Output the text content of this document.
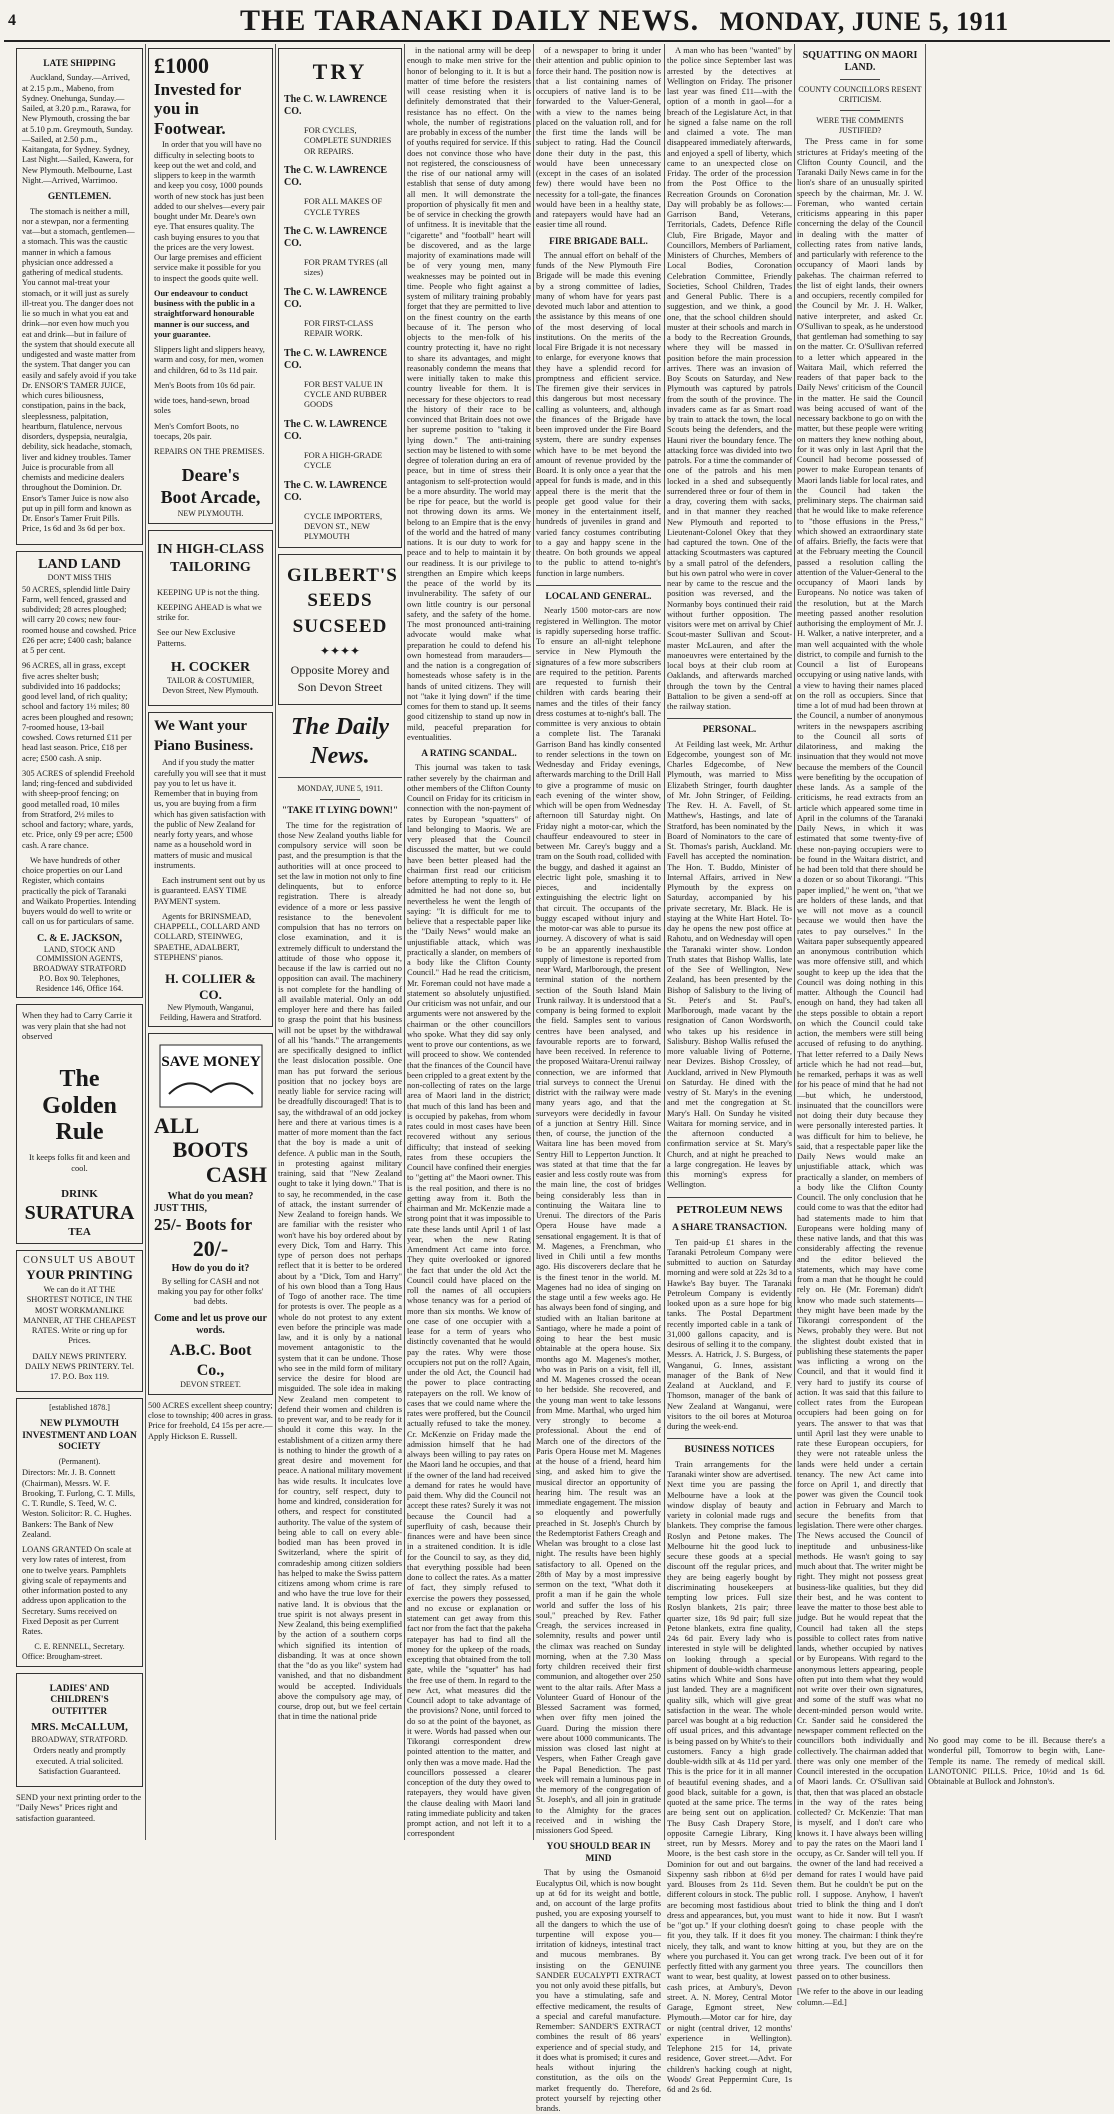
4	THE TARANAKI DAILY NEWS. MONDAY, JUNE 5, 1911
LATE SHIPPING

Auckland, Sunday.—Arrived, at 2.15 p.m., Mabeno, from Sydney. Onehunga, Sunday.—Sailed, at 3.20 p.m., Rarawa, for New Plymouth, crossing the bar at 5.10 p.m. Greymouth, Sunday.—Sailed, at 2.50 p.m., Kaitangata, for Sydney. Sydney, Last Night.—Sailed, Kawera, for New Plymouth. Melbourne, Last Night.—Arrived, Warrimoo.

GENTLEMEN.

The stomach is neither a mill, nor a stewpan, nor a fermenting vat—but a stomach, gentlemen—a stomach. This was the caustic manner in which a famous physician once addressed a gathering of medical students. You cannot mal-treat your stomach, or it will just as surely ill-treat you. The danger does not lie so much in what you eat and drink—nor even how much you eat and drink—but in failure of the system that should execute all undigested and waste matter from the system. That danger you can easily and safely avoid if you take Dr. ENSOR'S TAMER JUICE, which cures biliousness, constipation, pains in the back, sleeplessness, palpitation, heartburn, flatulence, nervous disorders, dyspepsia, neuralgia, debility, sick headache, stomach, liver and kidney troubles. Tamer Juice is procurable from all chemists and medicine dealers throughout the Dominion. Dr. Ensor's Tamer Juice is now also put up in pill form and known as Dr. Ensor's Tamer Fruit Pills. Price, 1s 6d and 3s 6d per box.

LAND LAND
DON'T MISS THIS

50 ACRES, splendid little Dairy Farm, well fenced, grassed and subdivided; 28 acres ploughed; will carry 20 cows; new four-roomed house and cowshed. Price £26 per acre; £400 cash; balance at 5 per cent.

96 ACRES, all in grass, except five acres shelter bush; subdivided into 16 paddocks; good level land, of rich quality; school and factory 1½ miles; 80 acres been ploughed and resown; 7-roomed house, 13-bail cowshed. Cows returned £11 per head last season. Price, £18 per acre; £500 cash. A snip.

305 ACRES of splendid Freehold land; ring-fenced and subdivided with sheep-proof fencing; on good metalled road, 10 miles from Stratford, 2½ miles to school and factory; whare, yards, etc. Price, only £9 per acre; £500 cash. A rare chance.

We have hundreds of other choice properties on our Land Register, which contains practically the pick of Taranaki and Waikato Properties. Intending buyers would do well to write or call on us for particulars of same.

C. & E. JACKSON,
LAND, STOCK AND COMMISSION AGENTS,
BROADWAY STRATFORD
P.O. Box 90. Telephones, Residence 146, Office 164.

When they had to Carry Carrie it was very plain that she had not observed

The Golden Rule

It keeps folks fit and keen and cool.

DRINK
SURATURA
TEA
CONSULT US ABOUT
YOUR PRINTING

We can do it AT THE SHORTEST NOTICE, IN THE MOST WORKMANLIKE MANNER, AT THE CHEAPEST RATES. Write or ring up for Prices.

DAILY NEWS PRINTERY. DAILY NEWS PRINTERY. Tel. 17. P.O. Box 119.

[established 1878.]
NEW PLYMOUTH INVESTMENT AND LOAN SOCIETY
(Permanent).

Directors: Mr. J. B. Connett (Chairman), Messrs. W. F. Brooking, T. Furlong, C. T. Mills, C. T. Rundle, S. Teed, W. C. Weston. Solicitor: R. C. Hughes. Bankers: The Bank of New Zealand.

LOANS GRANTED On scale at very low rates of interest, from one to twelve years. Pamphlets giving scale of repayments and other information posted to any address upon application to the Secretary. Sums received on Fixed Deposit as per Current Rates.

C. E. RENNELL, Secretary.
Office: Brougham-street.
LADIES' AND CHILDREN'S OUTFITTER
MRS. McCALLUM,
BROADWAY, STRATFORD.

Orders neatly and promptly executed. A trial solicited. Satisfaction Guaranteed.

SEND your next printing order to the "Daily News" Prices right and satisfaction guaranteed.

£1000
Invested for you in Footwear.

In order that you will have no difficulty in selecting boots to keep out the wet and cold, and slippers to keep in the warmth and keep you cosy, 1000 pounds worth of new stock has just been added to our shelves—every pair bought under Mr. Deare's own eye. That ensures quality. The cash buying ensures to you that the prices are the very lowest. Our large premises and efficient service make it possible for you to inspect the goods quite well.

Our endeavour to conduct business with the public in a straightforward honourable manner is our success, and your guarantee.

Slippers light and slippers heavy, warm and cosy, for men, women and children, 6d to 3s 11d pair.

Men's Boots from 10s 6d pair.

wide toes, hand-sewn, broad soles

Men's Comfort Boots, no toecaps, 20s pair.

REPAIRS ON THE PREMISES.

Deare's
Boot Arcade,
NEW PLYMOUTH.
IN HIGH-CLASS TAILORING

KEEPING UP is not the thing.

KEEPING AHEAD is what we strike for.

See our New Exclusive Patterns.

H. COCKER
TAILOR & COSTUMIER,
Devon Street, New Plymouth.
We Want your Piano Business.

And if you study the matter carefully you will see that it must pay you to let us have it. Remember that in buying from us, you are buying from a firm which has given satisfaction with the public of New Zealand for nearly forty years, and whose name as a household word in matters of music and musical instruments.

Each instrument sent out by us is guaranteed. EASY TIME PAYMENT system.

Agents for BRINSMEAD, CHAPPELL, COLLARD AND COLLARD, STEINWEG, SPAETHE, ADALBERT, STEPHENS' pianos.

H. COLLIER & CO.
New Plymouth, Wanganui, Feilding, Hawera and Stratford.
SAVE MONEY
ALL
BOOTS
CASH
What do you mean?
JUST THIS,
25/- Boots for
20/-
How do you do it?

By selling for CASH and not making you pay for other folks' bad debts.

Come and let us prove our words.
A.B.C. Boot Co.,
DEVON STREET.

500 ACRES excellent sheep country; close to township; 400 acres in grass. Price for freehold, £4 15s per acre.—Apply Hickson E. Russell.

TRY
The C. W. LAWRENCE CO.
FOR CYCLES, COMPLETE SUNDRIES OR REPAIRS.
The C. W. LAWRENCE CO.
FOR ALL MAKES OF CYCLE TYRES
The C. W. LAWRENCE CO.
FOR PRAM TYRES (all sizes)
The C. W. LAWRENCE CO.
FOR FIRST-CLASS REPAIR WORK.
The C. W. LAWRENCE CO.
FOR BEST VALUE IN CYCLE AND RUBBER GOODS
The C. W. LAWRENCE CO.
FOR A HIGH-GRADE CYCLE
The C. W. LAWRENCE CO.
CYCLE IMPORTERS, DEVON ST., NEW PLYMOUTH
GILBERT'S SEEDS SUCSEED
✦✦✦✦
Opposite Morey and Son Devon Street
The Daily News.
MONDAY, JUNE 5, 1911.
"TAKE IT LYING DOWN!"

The time for the registration of those New Zealand youths liable for compulsory service will soon be past, and the presumption is that the authorities will at once proceed to set the law in motion not only to fine delinquents, but to enforce registration. There is already evidence of a more or less passive resistance to the benevolent compulsion that has no terrors on close examination, and it is extremely difficult to understand the attitude of those who oppose it, because if the law is carried out no opposition can avail. The machinery is not complete for the handling of all available material. Only an odd employer here and there has failed to grasp the point that his business will not be upset by the withdrawal of all his "hands." The arrangements are specifically designed to inflict the least dislocation possible. One man has put forward the serious position that no jockey boys are neatly liable for service racing will be dreadfully discouraged! That is to say, the withdrawal of an odd jockey here and there at various times is a matter of more moment than the fact that the boy is made a unit of defence. A public man in the South, in protesting against military training, said that "New Zealand ought to take it lying down." That is to say, he recommended, in the case of attack, the instant surrender of New Zealand to foreign hands. We are familiar with the resister who won't have his boy ordered about by every Dick, Tom and Harry. This type of person does not perhaps reflect that it is better to be ordered about by a "Dick, Tom and Harry" of his own blood than a Tong Haus of Togo of another race. The time for protests is over. The people as a whole do not protest to any extent even before the principle was made law, and it is only by a national movement antagonistic to the system that it can be undone. Those who see in the mild form of military service the desire for blood are misguided. The sole idea in making New Zealand men competent to defend their women and children is to prevent war, and to be ready for it should it come this way. In the establishment of a citizen army there is nothing to hinder the growth of a great desire and movement for peace. A national military movement has wide results. It inculcates love for country, self respect, duty to home and kindred, consideration for others, and respect for constituted authority. The value of the system of being able to call on every able-bodied man has been proved in Switzerland, where the spirit of comradeship among citizen soldiers has helped to make the Swiss pattern citizens among whom crime is rare and who have the true love for their native land. It is obvious that the true spirit is not always present in New Zealand, this being exemplified by the action of a southern corps which signified its intention of disbanding. It was at once shown that the "do as you like" system had vanished, and that no disbandment would be accepted. Individuals above the compulsory age may, of course, drop out, but we feel certain that in time the national pride

in the national army will be deep enough to make men strive for the honor of belonging to it. It is but a matter of time before the resisters will cease resisting when it is definitely demonstrated that their resistance has no effect. On the whole, the number of registrations are probably in excess of the number of youths required for service. If this does not convince those who have not registered, the consciousness of the rise of our national army will establish that sense of duty among all men. It will demonstrate the proportion of physically fit men and be of service in checking the growth of unfitness. It is inevitable that the "cigarette" and "football" heart will be discovered, and as the large majority of examinations made will be of very young men, many weaknesses may be pointed out in time. People who fight against a system of military training probably forget that they are permitted to live on the finest country on the earth because of it. The person who objects to the men-folk of his country protecting it, have no right to share its advantages, and might reasonably condemn the means that were initially taken to make this country liveable for them. It is necessary for these objectors to read the history of their race to be convinced that Britain does not owe her supreme position to "taking it lying down." The anti-training section may be listened to with some degree of toleration during an era of peace, but in time of stress their antagonism to self-protection would be a more absurdity. The world may be ripe for peace, but the world is not throwing down its arms. We belong to an Empire that is the envy of the world and the hatred of many nations. It is our duty to work for peace and to help to maintain it by our readiness. It is our privilege to strengthen an Empire which keeps the peace of the world by its invulnerability. The safety of our own little country is our personal safety, and the safety of the home. The most pronounced anti-training advocate would make what preparation he could to defend his own homestead from marauders—and the nation is a congregation of homesteads whose safety is in the hands of united citizens. They will not "take it lying down" if the time comes for them to stand up. It seems good citizenship to stand up now in mild, peaceful preparation for eventualities.

A RATING SCANDAL.

This journal was taken to task rather severely by the chairman and other members of the Clifton County Council on Friday for its criticism in connection with the non-payment of rates by European "squatters" of land belonging to Maoris. We are very pleased that the Council discussed the matter, but we could have been better pleased had the chairman first read our criticism before attempting to reply to it. He admitted he had not done so, but nevertheless he went the length of saying: "It is difficult for me to believe that a respectable paper like the "Daily News" would make an unjustifiable attack, which was practically a slander, on members of a body like the Clifton County Council." Had he read the criticism, Mr. Foreman could not have made a statement so absolutely unjustified. Our criticism was not unfair, and our arguments were not answered by the chairman or the other councillors who spoke. What they did say only went to prove our contentions, as we will proceed to show. We contended that the finances of the Council have been crippled to a great extent by the non-collecting of rates on the large area of Maori land in the district; that much of this land has been and is occupied by pakehas, from whom rates could in most cases have been recovered without any serious difficulty; that instead of seeking rates from these occupiers the Council have confined their energies to "getting at" the Maori owner. This is the real position, and there is no getting away from it. Both the chairman and Mr. McKenzie made a strong point that it was impossible to rate these lands until April 1 of last year, when the new Rating Amendment Act came into force. They quite overlooked or ignored the fact that under the old Act the Council could have placed on the roll the names of all occupiers whose tenancy was for a period of more than six months. We know of one case of one occupier with a lease for a term of years who distinctly covenanted that he would pay the rates. Why were those occupiers not put on the roll? Again, under the old Act, the Council had the power to place contracting ratepayers on the roll. We know of cases that we could name where the rates were proffered, but the Council actually refused to take the money. Cr. McKenzie on Friday made the admission himself that he had always been willing to pay rates on the Maori land he occupies, and that if the owner of the land had received a demand for rates he would have paid them. Why did the Council not accept these rates? Surely it was not because the Council had a superfluity of cash, because their finances were and have been since in a straitened condition. It is idle for the Council to say, as they did, that everything possible had been done to collect the rates. As a matter of fact, they simply refused to exercise the powers they possessed, and no excuse or explanation or statement can get away from this fact nor from the fact that the pakeha ratepayer has had to find all the money for the upkeep of the roads, excepting that obtained from the toll gate, while the "squatter" has had the free use of them. In regard to the new Act, what measures did the Council adopt to take advantage of the provisions? None, until forced to do so at the point of the bayonet, as it were. Words had passed when our Tikorangi correspondent drew pointed attention to the matter, and only then was a move made. Had the councillors possessed a clearer conception of the duty they owed to ratepayers, they would have given the clause dealing with Maori land rating immediate publicity and taken prompt action, and not left it to a correspondent

of a newspaper to bring it under their attention and public opinion to force their hand. The position now is that a list containing names of occupiers of native land is to be forwarded to the Valuer-General, with a view to the names being placed on the valuation roll, and for the first time the lands will be subject to rating. Had the Council done their duty in the past, this would have been unnecessary (except in the cases of an isolated few) there would have been no necessity for a toll-gate, the finances would have been in a healthy state, and ratepayers would have had an easier time all round.

FIRE BRIGADE BALL.

The annual effort on behalf of the funds of the New Plymouth Fire Brigade will be made this evening by a strong committee of ladies, many of whom have for years past devoted much labor and attention to the assistance by this means of one of the most deserving of local institutions. On the merits of the local Fire Brigade it is not necessary to enlarge, for everyone knows that they have a splendid record for promptness and efficient service. The firemen give their services in this dangerous but most necessary calling as volunteers, and, although the finances of the Brigade have been improved under the Fire Board system, there are sundry expenses which have to be met beyond the amount of revenue provided by the Board. It is only once a year that the appeal for funds is made, and in this appeal there is the merit that the people get good value for their money in the entertainment itself, hundreds of juveniles in grand and varied fancy costumes contributing to a gay and happy scene in the theatre. On both grounds we appeal to the public to attend to-night's function in large numbers.

LOCAL AND GENERAL.

Nearly 1500 motor-cars are now registered in Wellington. The motor is rapidly superseding horse traffic. To ensure an all-night telephone service in New Plymouth the signatures of a few more subscribers are required to the petition. Parents are requested to furnish their children with cards bearing their names and the titles of their fancy dress costumes at to-night's ball. The committee is very anxious to obtain a complete list. The Taranaki Garrison Band has kindly consented to render selections in the town on Wednesday and Friday evenings, afterwards marching to the Drill Hall to give a programme of music on each evening of the winter show, which will be open from Wednesday afternoon till Saturday night. On Friday night a motor-car, which the chauffeur endeavoured to steer in between Mr. Carey's buggy and a tram on the South road, collided with the buggy, and dashed it against an electric light pole, smashing it to pieces, and incidentally extinguishing the electric light on that circuit. The occupants of the buggy escaped without injury and the motor-car was able to pursue its journey. A discovery of what is said to be an apparently inexhaustible supply of limestone is reported from near Ward, Marlborough, the present terminal station of the northern section of the South Island Main Trunk railway. It is understood that a company is being formed to exploit the field. Samples sent to various centres have been analysed, and favourable reports are to forward, have been received. In reference to the proposed Waitara-Urenui railway connection, we are informed that trial surveys to connect the Urenui district with the railway were made many years ago, and that the surveyors were decidedly in favour of a junction at Sentry Hill. Since then, of course, the junction of the Waitara line has been moved from Sentry Hill to Lepperton Junction. It was stated at that time that the far easier and less costly route was from the main line, the cost of bridges being considerably less than in continuing the Waitara line to Urenui. The directors of the Paris Opera House have made a sensational engagement. It is that of M. Magenes, a Frenchman, who lived in Chili until a few months ago. His discoverers declare that he is the finest tenor in the world. M. Magenes had no idea of singing on the stage until a few weeks ago. He has always been fond of singing, and studied with an Italian baritone at Santiago, where he made a point of going to hear the best music obtainable at the opera house. Six months ago M. Magenes's mother, who was in Paris on a visit, fell ill, and M. Magenes crossed the ocean to her bedside. She recovered, and the young man went to take lessons from Mme. Marthal, who urged him very strongly to become a professional. About the end of March one of the directors of the Paris Opera House met M. Magenes at the house of a friend, heard him sing, and asked him to give the musical director an opportunity of hearing him. The result was an immediate engagement. The mission so eloquently and powerfully preached in St. Joseph's Church by the Redemptorist Fathers Creagh and Whelan was brought to a close last night. The results have been highly satisfactory to all. Opened on the 28th of May by a most impressive sermon on the text, "What doth it profit a man if he gain the whole world and suffer the loss of his soul," preached by Rev. Father Creagh, the services increased in solemnity, results and power until the climax was reached on Sunday morning, when at the 7.30 Mass forty children received their first communion, and altogether over 250 went to the altar rails. After Mass a Volunteer Guard of Honour of the Blessed Sacrament was formed, when over fifty men joined the Guard. During the mission there were about 1000 communicants. The mission was closed last night at Vespers, when Father Creagh gave the Papal Benediction. The past week will remain a luminous page in the memory of the congregation of St. Joseph's, and all join in gratitude to the Almighty for the graces received and in wishing the missioners God Speed.

YOU SHOULD BEAR IN MIND

That by using the Osmanoid Eucalyptus Oil, which is now bought up at 6d for its weight and bottle, and, on account of the large profits pushed, you are exposing yourself to all the dangers to which the use of turpentine will expose you—irritation of kidneys, intestinal tract and mucous membranes. By insisting on the GENUINE SANDER EUCALYPTI EXTRACT you not only avoid these pitfalls, but you have a stimulating, safe and effective medicament, the results of a special and careful manufacture. Remember: SANDER'S EXTRACT combines the result of 86 years' experience and of special study, and it does what is promised; it cures and heals without injuring the constitution, as the oils on the market frequently do. Therefore, protect yourself by rejecting other brands.

A man who has been "wanted" by the police since September last was arrested by the detectives at Wellington on Friday. The prisoner last year was fined £11—with the option of a month in gaol—for a breach of the Legislature Act, in that he signed a false name on the roll and claimed a vote. The man disappeared immediately afterwards, and enjoyed a spell of liberty, which came to an unexpected close on Friday. The order of the procession from the Post Office to the Recreation Grounds on Coronation Day will probably be as follows:—Garrison Band, Veterans, Territorials, Cadets, Defence Rifle Club, Fire Brigade, Mayor and Councillors, Members of Parliament, Ministers of Churches, Members of Local Bodies, Coronation Celebration Committee, Friendly Societies, School Children, Trades and General Public. There is a suggestion, and we think, a good one, that the school children should muster at their schools and march in a body to the Recreation Grounds, where they will be massed in position before the main procession arrives. There was an invasion of Boy Scouts on Saturday, and New Plymouth was captured by patrols from the south of the province. The invaders came as far as Smart road by train to attack the town, the local Scouts being the defenders, and the Hauni river the boundary fence. The attacking force was divided into two patrols. For a time the commander of one of the patrols and his men locked in a shed and subsequently surrendered three or four of them in a dray, covering them with sacks, and in that manner they reached New Plymouth and reported to Lieutenant-Colonel Okey that they had captured the town. One of the attacking Scoutmasters was captured by a small patrol of the defenders, but his own patrol who were in cover near by came to the rescue and the position was reversed, and the Normanby boys continued their raid without further opposition. The visitors were met on arrival by Chief Scout-master Sullivan and Scout-master McLauren, and after the manoeuvres were entertained by the local boys at their club room at Oaklands, and afterwards marched through the town by the Central Battalion to be given a send-off at the railway station.

PERSONAL.

At Feilding last week, Mr. Arthur Edgecombe, youngest son of Mr. Charles Edgecombe, of New Plymouth, was married to Miss Elizabeth Stringer, fourth daughter of Mr. John Stringer, of Feilding. The Rev. H. A. Favell, of St. Matthew's, Hastings, and late of Stratford, has been nominated by the Board of Nominators to the care of St. Thomas's parish, Auckland. Mr. Favell has accepted the nomination. The Hon. T. Buddo, Minister of Internal Affairs, arrived in New Plymouth by the express on Saturday, accompanied by his private secretary, Mr. Black. He is staying at the White Hart Hotel. To-day he opens the new post office at Rahotu, and on Wednesday will open the Taranaki winter show. London Truth states that Bishop Wallis, late of the See of Wellington, New Zealand, has been presented by the Bishop of Salisbury to the living of St. Peter's and St. Paul's, Marlborough, made vacant by the resignation of Canon Wordsworth, who takes up his residence in Salisbury. Bishop Wallis refused the more valuable living of Potterne, near Devizes. Bishop Crossley, of Auckland, arrived in New Plymouth on Saturday. He dined with the vestry of St. Mary's in the evening and met the congregation at St. Mary's Hall. On Sunday he visited Waitara for morning service, and in the afternoon conducted a confirmation service at St. Mary's Church, and at night he preached to a large congregation. He leaves by this morning's express for Wellington.

PETROLEUM NEWS
A SHARE TRANSACTION.

Ten paid-up £1 shares in the Taranaki Petroleum Company were submitted to auction on Saturday morning and were sold at 22s 3d to a Hawke's Bay buyer. The Taranaki Petroleum Company is evidently looked upon as a sure hope for big tanks. The Postal Department recently imported cable in a tank of 31,000 gallons capacity, and is desirous of selling it to the company. Messrs. A. Hatrick, J. S. Burgess, of Wanganui, G. Innes, assistant manager of the Bank of New Zealand at Auckland, and F. Thomson, manager of the bank of New Zealand at Wanganui, were visitors to the oil bores at Moturoa during the week-end.

BUSINESS NOTICES

Train arrangements for the Taranaki winter show are advertised. Next time you are passing the Melbourne have a look at the window display of beauty and variety in colonial made rugs and blankets. They comprise the famous Roslyn and Petone makes. The Melbourne hit the good luck to secure these goods at a special discount off the regular prices, and they are being eagerly bought by discriminating housekeepers at tempting low prices. Full size Roslyn blankets, 21s pair; three quarter size, 18s 9d pair; full size Petone blankets, extra fine quality, 24s 6d pair. Every lady who is interested in style will be delighted on looking through a special shipment of double-width charmeuse satins which White and Sons have just landed. They are a magnificent quality silk, which will give great satisfaction in the wear. The whole parcel was bought at a big reduction off usual prices, and this advantage is being passed on by White's to their customers. Fancy a high grade double-width silk at 4s 11d per yard. This is the price for it in all manner of beautiful evening shades, and a good black, suitable for a gown, is quoted at the same price. The terms are being sent out on application. The Busy Cash Drapery Store, opposite Carnegie Library, King street, run by Messrs. Morey and Moore, is the best cash store in the Dominion for out and out bargains. Sixpenny sash ribbon at 6½d per yard. Blouses from 2s 11d. Seven different colours in stock. The public are becoming most fastidious about dress and appearances, but, you must be "got up." If your clothing doesn't fit you, they talk. If it does fit you nicely, they talk, and want to know where you purchased it. You can get perfectly fitted with any garment you want to wear, best quality, at lowest cash prices, at Ambury's, Devon street. A. N. Morey, Central Motor Garage, Egmont street, New Plymouth.—Motor car for hire, day or night (central driver, 12 months' experience in Wellington). Telephone 215 for 14, private residence, Gover street.—Advt. For children's hacking cough at night, Woods' Great Peppermint Cure, 1s 6d and 2s 6d.

SQUATTING ON MAORI LAND.
COUNTY COUNCILLORS RESENT CRITICISM.
WERE THE COMMENTS JUSTIFIED?

The Press came in for some strictures at Friday's meeting of the Clifton County Council, and the Taranaki Daily News came in for the lion's share of an unusually spirited speech by the chairman, Mr. J. W. Foreman, who wanted certain criticisms appearing in this paper concerning the delay of the Council in dealing with the matter of collecting rates from native lands, and particularly with reference to the occupancy of Maori lands by pakehas. The chairman referred to the list of eight lands, their owners and occupiers, recently compiled for the Council by Mr. J. H. Walker, native interpreter, and asked Cr. O'Sullivan to speak, as he understood that gentleman had something to say on the matter. Cr. O'Sullivan referred to a letter which appeared in the Waitara Mail, which referred the readers of that paper back to the Daily News' criticism of the Council in the matter. He said the Council was being accused of want of the necessary backbone to go on with the matter, but these people were writing on matters they knew nothing about, for it was only in last April that the Council had become possessed of power to make European tenants of Maori lands liable for local rates, and the Council had taken the preliminary steps. The chairman said that he would like to make reference to "those effusions in the Press," which showed an extraordinary state of affairs. Briefly, the facts were that at the February meeting the Council passed a resolution calling the attention of the Valuer-General to the occupancy of Maori lands by Europeans. No notice was taken of the resolution, but at the March meeting passed another resolution authorising the employment of Mr. J. H. Walker, a native interpreter, and a man well acquainted with the whole district, to compile and furnish to the Council a list of Europeans occupying or using native lands, with a view to having their names placed on the roll as occupiers. Since that time a lot of mud had been thrown at the Council, a number of anonymous writers in the newspapers ascribing to the Council all sorts of dilatoriness, and making the insinuation that they would not move because the members of the Council were benefiting by the occupation of these lands. As a sample of the criticisms, he read extracts from an article which appeared some time in April in the columns of the Taranaki Daily News, in which it was estimated that some twenty-five of these non-paying occupiers were to be found in the Waitara district, and he had been told that there should be a dozen or so about Tikorangi. "This paper implied," he went on, "that we are holders of these lands, and that we will not move as a council because we would then have the rates to pay ourselves." In the Waitara paper subsequently appeared an anonymous contribution which was more offensive still, and which sought to keep up the idea that the Council was doing nothing in this matter. Although the Council had enough on hand, they had taken all the steps possible to obtain a report on which the Council could take action, the members were still being accused of refusing to do anything. That letter referred to a Daily News article which he had not read—but, he remarked, perhaps it was as well for his peace of mind that he had not—but which, he understood, insinuated that the councillors were not doing their duty because they were personally interested parties. It was difficult for him to believe, he said, that a respectable paper like the Daily News would make an unjustifiable attack, which was practically a slander, on members of a body like the Clifton County Council. The only conclusion that he could come to was that the editor had had statements made to him that Europeans were holding many of these native lands, and that this was considerably affecting the revenue and the editor believed the statements, which may have come from a man that he thought he could rely on. He (Mr. Foreman) didn't know who made such statements—they might have been made by the Tikorangi correspondent of the News, probably they were. But not the slightest doubt existed that in publishing these statements the paper was inflicting a wrong on the Council, and that it would find it very hard to justify its course of action. It was said that this failure to collect rates from the European occupiers had been going on for years. The answer to that was that until April last they were unable to rate these European occupiers, for they were not rateable unless the lands were held under a certain tenancy. The new Act came into force on April 1, and directly that power was given the Council took action in February and March to secure the benefits from that legislation. There were other charges. The News accused the Council of ineptitude and unbusiness-like methods. He wasn't going to say much about that. The writer might be right. They might not possess great business-like qualities, but they did their best, and he was content to leave the matter to those best able to judge. But he would repeat that the Council had taken all the steps possible to collect rates from native lands, whether occupied by natives or by Europeans. With regard to the anonymous letters appearing, people often put into them what they would not write over their own signatures, and some of the stuff was what no decent-minded person would write. Cr. Sander said he considered the newspaper comment reflected on the councillors both individually and collectively. The chairman added that there was only one member of the Council interested in the occupation of Maori lands. Cr. O'Sullivan said that, then that was placed an obstacle in the way of the rates being collected? Cr. McKenzie: That man is myself, and I don't care who knows it. I have always been willing to pay the rates on the Maori land I occupy, as Cr. Sander will tell you. If the owner of the land had received a demand for rates I would have paid them. But he couldn't be put on the roll. I suppose. Anyhow, I haven't tried to blink the thing and I don't want to hide it now. But I wasn't going to chase people with the money. The chairman: I think they're hitting at you, but they are on the wrong track. I've been out of it for three years. The councillors then passed on to other business.

[We refer to the above in our leading column.—Ed.]

No good may come to be ill. Because there's a wonderful pill, Tomorrow to begin with, Lane-Temple its name. The remedy of medical skill. LANOTONIC PILLS. Price, 10½d and 1s 6d. Obtainable at Bullock and Johnston's.
